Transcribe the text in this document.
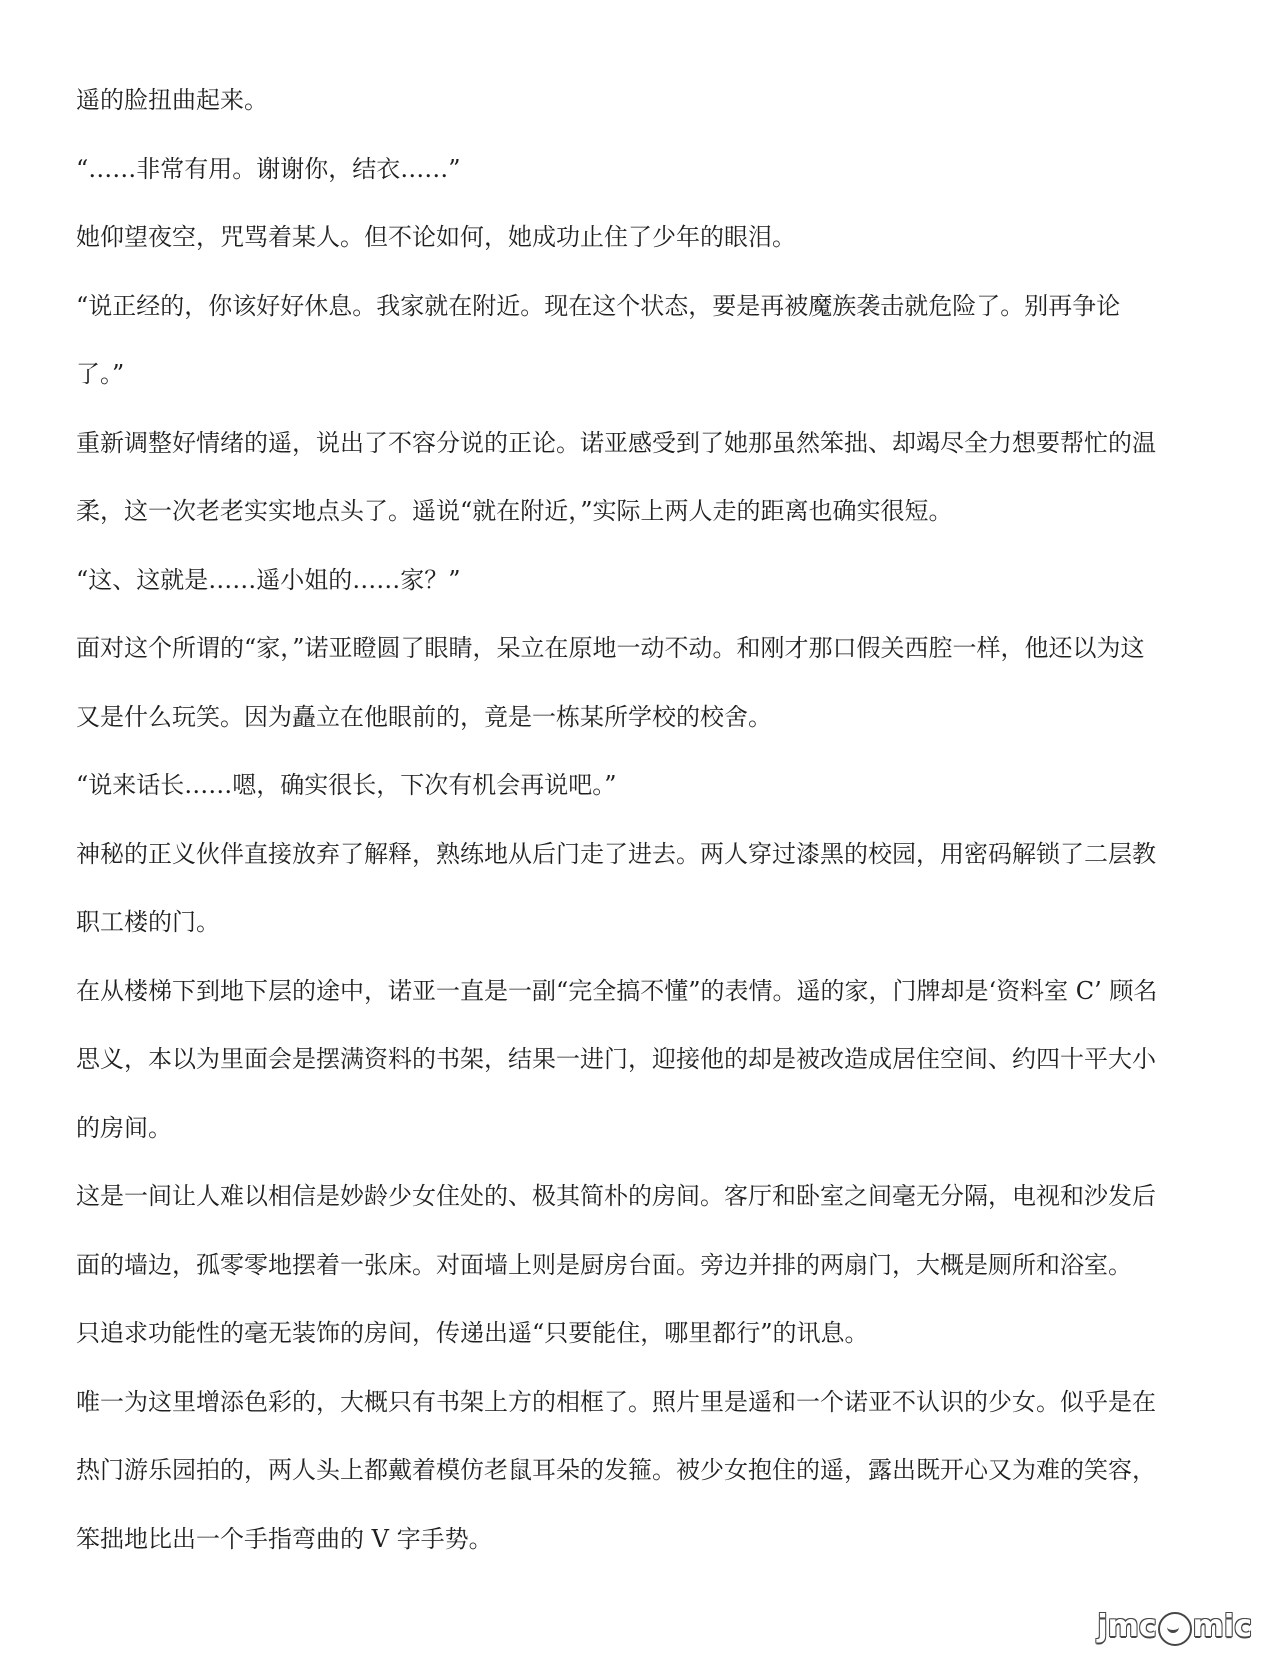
遥的脸扭曲起来。
“……非常有用。谢谢你，结衣……”
她仰望夜空，咒骂着某人。但不论如何，她成功止住了少年的眼泪。
“说正经的，你该好好休息。我家就在附近。现在这个状态，要是再被魔族袭击就危险了。别再争论
了。”
重新调整好情绪的遥，说出了不容分说的正论。诺亚感受到了她那虽然笨拙、却竭尽全力想要帮忙的温
柔，这一次老老实实地点头了。遥说“就在附近，”实际上两人走的距离也确实很短。
“这、这就是……遥小姐的……家？”
面对这个所谓的“家，”诺亚瞪圆了眼睛，呆立在原地一动不动。和刚才那口假关西腔一样，他还以为这
又是什么玩笑。因为矗立在他眼前的，竟是一栋某所学校的校舍。
“说来话长……嗯，确实很长，下次有机会再说吧。”
神秘的正义伙伴直接放弃了解释，熟练地从后门走了进去。两人穿过漆黑的校园，用密码解锁了二层教
职工楼的门。
在从楼梯下到地下层的途中，诺亚一直是一副“完全搞不懂”的表情。遥的家，门牌却是‘资料室 C’ 顾名
思义，本以为里面会是摆满资料的书架，结果一进门，迎接他的却是被改造成居住空间、约四十平大小
的房间。
这是一间让人难以相信是妙龄少女住处的、极其简朴的房间。客厅和卧室之间毫无分隔，电视和沙发后
面的墙边，孤零零地摆着一张床。对面墙上则是厨房台面。旁边并排的两扇门，大概是厕所和浴室。
只追求功能性的毫无装饰的房间，传递出遥“只要能住，哪里都行”的讯息。
唯一为这里增添色彩的，大概只有书架上方的相框了。照片里是遥和一个诺亚不认识的少女。似乎是在
热门游乐园拍的，两人头上都戴着模仿老鼠耳朵的发箍。被少女抱住的遥，露出既开心又为难的笑容，
笨拙地比出一个手指弯曲的 V 字手势。
jmc mic
